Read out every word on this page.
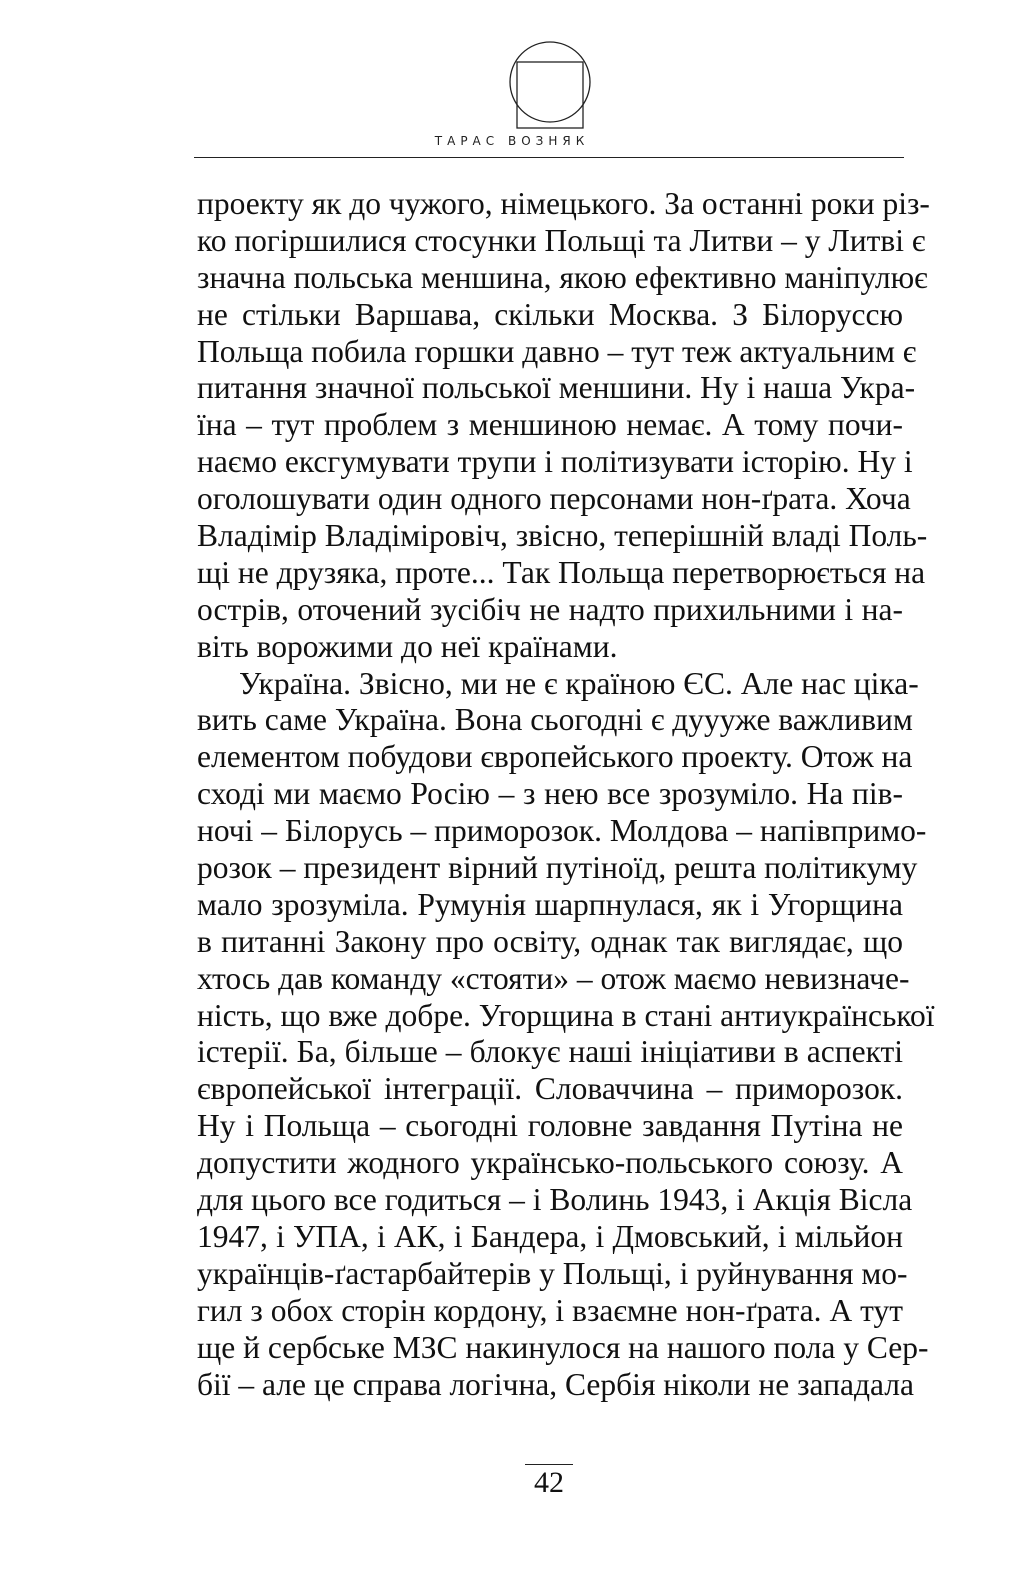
ТАРАС ВОЗНЯК
проекту як до чужого, німецького. За останні роки різ-
ко погіршилися стосунки Польщі та Литви – у Литві є
значна польська меншина, якою ефективно маніпулює
не стільки Варшава, скільки Москва. З Білоруссю
Польща побила горшки давно – тут теж актуальним є
питання значної польської меншини. Ну і наша Укра-
їна – тут проблем з меншиною немає. А тому почи-
наємо ексгумувати трупи і політизувати історію. Ну і
оголошувати один одного персонами нон-ґрата. Хоча
Владімір Владіміровіч, звісно, теперішній владі Поль-
щі не друзяка, проте... Так Польща перетворюється на
острів, оточений зусібіч не надто прихильними і на-
віть ворожими до неї країнами.
Україна. Звісно, ми не є країною ЄС. Але нас ціка-
вить саме Україна. Вона сьогодні є дуууже важливим
елементом побудови європейського проекту. Отож на
сході ми маємо Росію – з нею все зрозуміло. На пів-
ночі – Білорусь – приморозок. Молдова – напівпримо-
розок – президент вірний путіноїд, решта політикуму
мало зрозуміла. Румунія шарпнулася, як і Угорщина
в питанні Закону про освіту, однак так виглядає, що
хтось дав команду «стояти» – отож маємо невизначе-
ність, що вже добре. Угорщина в стані антиукраїнської
істерії. Ба, більше – блокує наші ініціативи в аспекті
європейської інтеграції. Словаччина – приморозок.
Ну і Польща – сьогодні головне завдання Путіна не
допустити жодного українсько-польського союзу. А
для цього все годиться – і Волинь 1943, і Акція Вісла
1947, і УПА, і АК, і Бандера, і Дмовський, і мільйон
українців-ґастарбайтерів у Польщі, і руйнування мо-
гил з обох сторін кордону, і взаємне нон-ґрата. А тут
ще й сербське МЗС накинулося на нашого пола у Сер-
бії – але це справа логічна, Сербія ніколи не западала
42
